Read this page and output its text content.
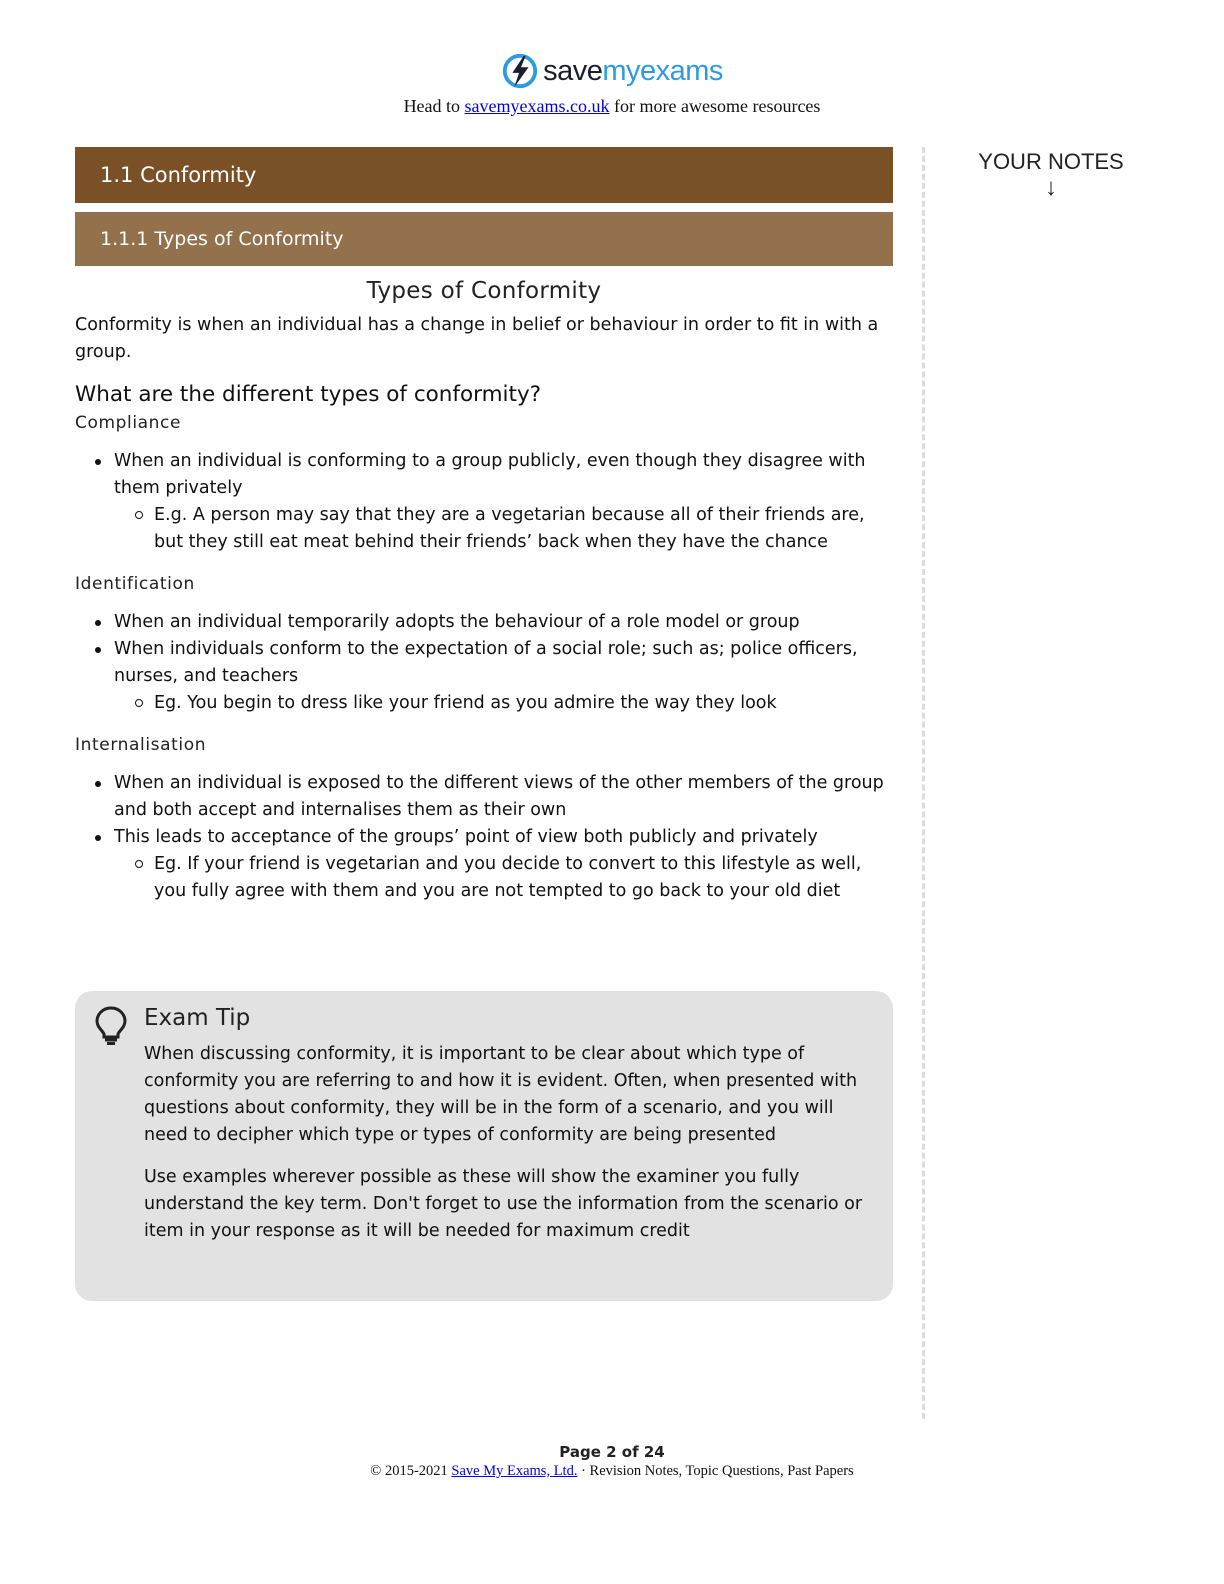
savemyexams
Head to savemyexams.co.uk for more awesome resources
1.1 Conformity
1.1.1 Types of Conformity
Types of Conformity

Conformity is when an individual has a change in belief or behaviour in order to fit in with a group.

What are the different types of conformity?
Compliance
When an individual is conforming to a group publicly, even though they disagree with them privately
E.g. A person may say that they are a vegetarian because all of their friends are, but they still eat meat behind their friends’ back when they have the chance
Identification
When an individual temporarily adopts the behaviour of a role model or group
When individuals conform to the expectation of a social role; such as; police officers, nurses, and teachers
Eg. You begin to dress like your friend as you admire the way they look
Internalisation
When an individual is exposed to the different views of the other members of the group and both accept and internalises them as their own
This leads to acceptance of the groups’ point of view both publicly and privately
Eg. If your friend is vegetarian and you decide to convert to this lifestyle as well, you fully agree with them and you are not tempted to go back to your old diet
Exam Tip

When discussing conformity, it is important to be clear about which type of conformity you are referring to and how it is evident. Often, when presented with questions about conformity, they will be in the form of a scenario, and you will need to decipher which type or types of conformity are being presented

Use examples wherever possible as these will show the examiner you fully understand the key term. Don't forget to use the information from the scenario or item in your response as it will be needed for maximum credit

YOUR NOTES
↓
Page 2 of 24
© 2015-2021 Save My Exams, Ltd. · Revision Notes, Topic Questions, Past Papers
